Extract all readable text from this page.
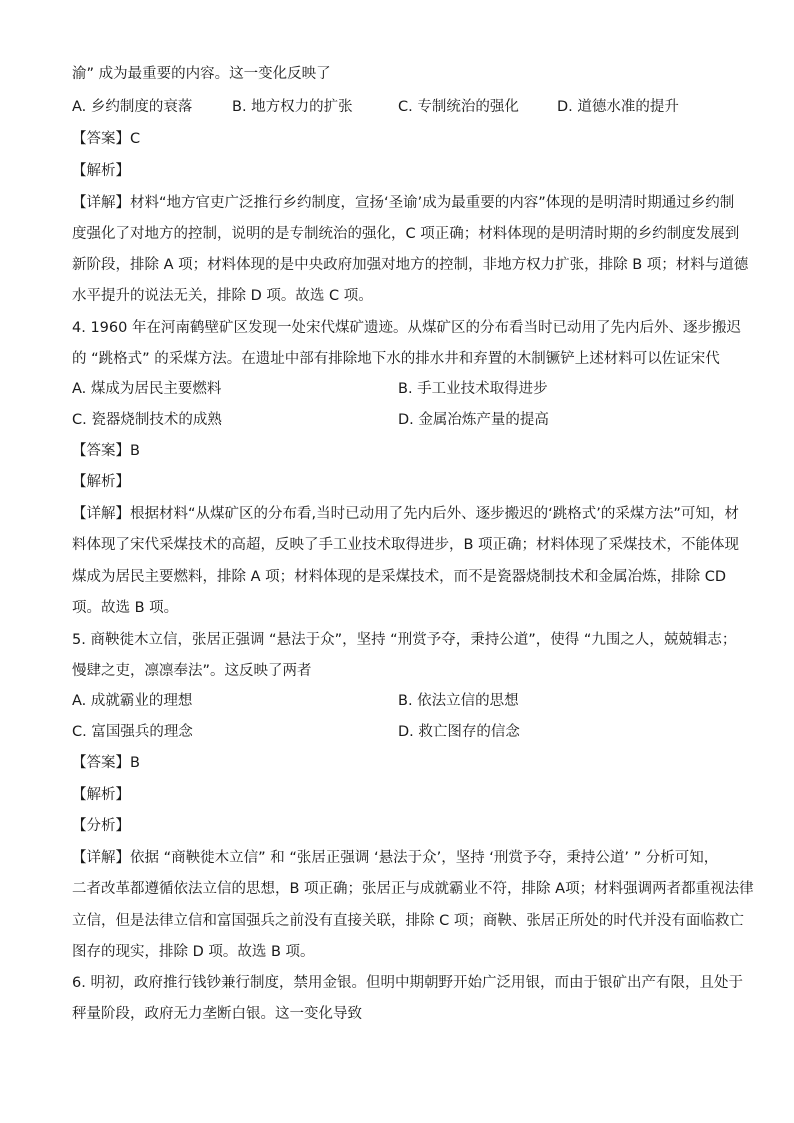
渝” 成为最重要的内容。这一变化反映了
A. 乡约制度的衰落	B. 地方权力的扩张	C. 专制统治的强化	D. 道德水准的提升
【答案】C
【解析】
【详解】材料“地方官吏广泛推行乡约制度，宣扬‘圣谕’成为最重要的内容”体现的是明清时期通过乡约制
度强化了对地方的控制，说明的是专制统治的强化，C 项正确；材料体现的是明清时期的乡约制度发展到
新阶段，排除 A 项；材料体现的是中央政府加强对地方的控制，非地方权力扩张，排除 B 项；材料与道德
水平提升的说法无关，排除 D 项。故选 C 项。
4. 1960 年在河南鹤壁矿区发现一处宋代煤矿遗迹。从煤矿区的分布看当时已动用了先内后外、逐步搬迟
的 “跳格式” 的采煤方法。在遗址中部有排除地下水的排水井和弃置的木制镢铲上述材料可以佐证宋代
A. 煤成为居民主要燃料	B. 手工业技术取得进步
C. 瓷器烧制技术的成熟	D. 金属冶炼产量的提高
【答案】B
【解析】
【详解】根据材料“从煤矿区的分布看,当时已动用了先内后外、逐步搬迟的‘跳格式’的采煤方法”可知，材
料体现了宋代采煤技术的高超，反映了手工业技术取得进步，B 项正确；材料体现了采煤技术，不能体现
煤成为居民主要燃料，排除 A 项；材料体现的是采煤技术，而不是瓷器烧制技术和金属冶炼，排除 CD
项。故选 B 项。
5. 商鞅徙木立信，张居正强调 “悬法于众”，坚持 “刑赏予夺，秉持公道”，使得 “九围之人，兢兢辑志；
慢肆之吏，凛凛奉法”。这反映了两者
A. 成就霸业的理想	B. 依法立信的思想
C. 富国强兵的理念	D. 救亡图存的信念
【答案】B
【解析】
【分析】
【详解】依据 “商鞅徙木立信” 和 “张居正强调 ‘悬法于众’，坚持 ‘刑赏予夺，秉持公道’ ” 分析可知，
二者改革都遵循依法立信的思想，B 项正确；张居正与成就霸业不符，排除 A项；材料强调两者都重视法律
立信，但是法律立信和富国强兵之前没有直接关联，排除 C 项；商鞅、张居正所处的时代并没有面临救亡
图存的现实，排除 D 项。故选 B 项。
6. 明初，政府推行钱钞兼行制度，禁用金银。但明中期朝野开始广泛用银，而由于银矿出产有限，且处于
秤量阶段，政府无力垄断白银。这一变化导致
